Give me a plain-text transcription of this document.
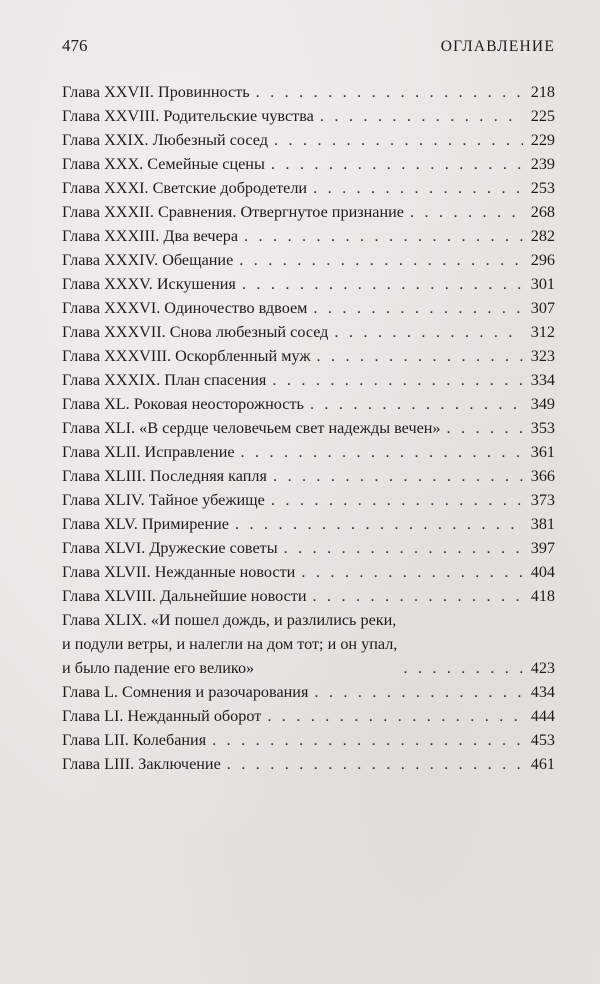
476	ОГЛАВЛЕНИЕ
Глава XXVII. Провинность . . .	218
Глава XXVIII. Родительские чувства . . .	225
Глава XXIX. Любезный сосед . . .	229
Глава XXX. Семейные сцены . . .	239
Глава XXXI. Светские добродетели . . .	253
Глава XXXII. Сравнения. Отвергнутое признание . . .	268
Глава XXXIII. Два вечера . . .	282
Глава XXXIV. Обещание . . .	296
Глава XXXV. Искушения . . .	301
Глава XXXVI. Одиночество вдвоем . . .	307
Глава XXXVII. Снова любезный сосед . . .	312
Глава XXXVIII. Оскорбленный муж . . .	323
Глава XXXIX. План спасения . . .	334
Глава XL. Роковая неосторожность . . .	349
Глава XLI. «В сердце человечьем свет надежды вечен» . . .	353
Глава XLII. Исправление . . .	361
Глава XLIII. Последняя капля . . .	366
Глава XLIV. Тайное убежище . . .	373
Глава XLV. Примирение . . .	381
Глава XLVI. Дружеские советы . . .	397
Глава XLVII. Нежданные новости . . .	404
Глава XLVIII. Дальнейшие новости . . .	418
Глава XLIX. «И пошел дождь, и разлились реки,
и подули ветры, и налегли на дом тот; и он упал,
и было падение его велико» . . .	423
Глава L. Сомнения и разочарования . . .	434
Глава LI. Нежданный оборот . . .	444
Глава LII. Колебания . . .	453
Глава LIII. Заключение . . .	461
